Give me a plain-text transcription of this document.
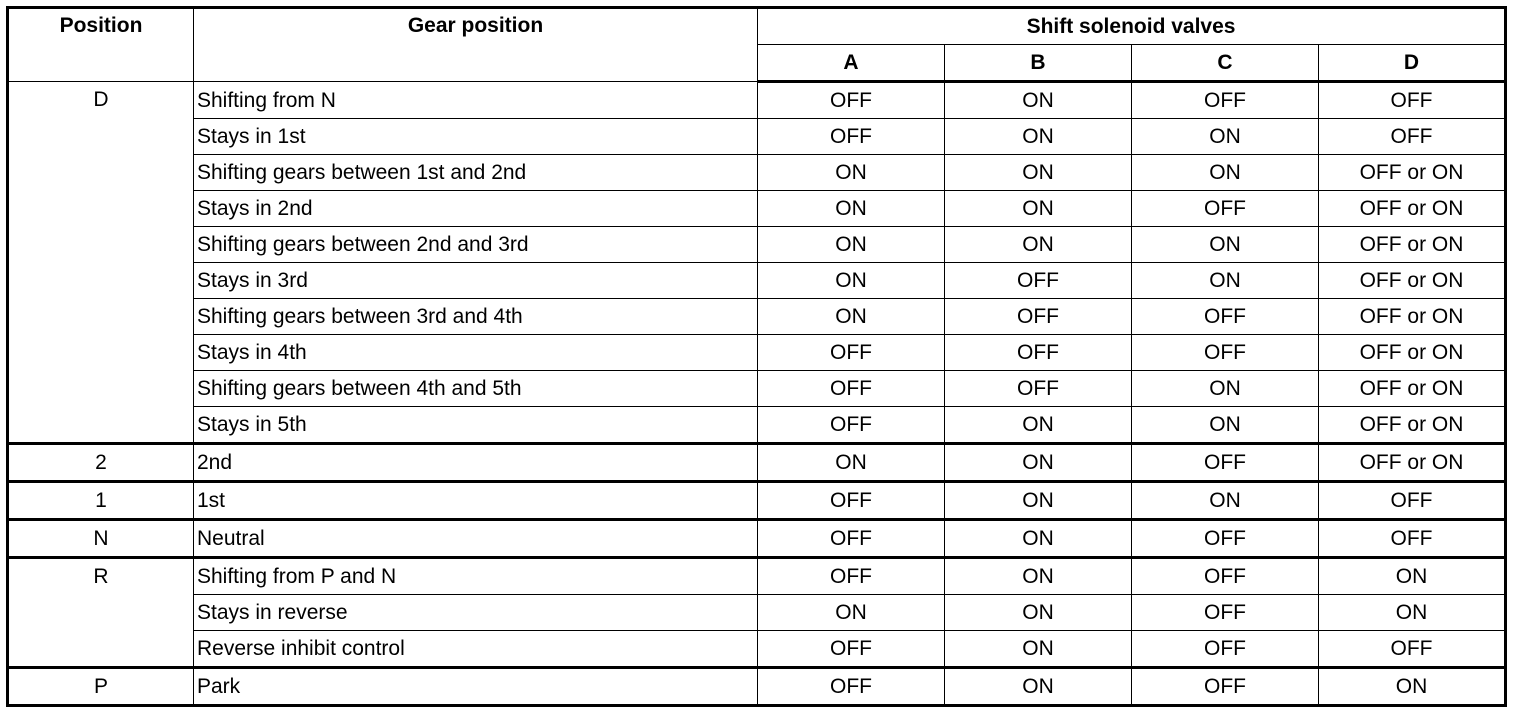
Position	Gear position	Shift solenoid valves			
		A	B	C	D
D	Shifting from N	OFF	ON	OFF	OFF
	Stays in 1st	OFF	ON	ON	OFF
	Shifting gears between 1st and 2nd	ON	ON	ON	OFF or ON
	Stays in 2nd	ON	ON	OFF	OFF or ON
	Shifting gears between 2nd and 3rd	ON	ON	ON	OFF or ON
	Stays in 3rd	ON	OFF	ON	OFF or ON
	Shifting gears between 3rd and 4th	ON	OFF	OFF	OFF or ON
	Stays in 4th	OFF	OFF	OFF	OFF or ON
	Shifting gears between 4th and 5th	OFF	OFF	ON	OFF or ON
	Stays in 5th	OFF	ON	ON	OFF or ON
2	2nd	ON	ON	OFF	OFF or ON
1	1st	OFF	ON	ON	OFF
N	Neutral	OFF	ON	OFF	OFF
R	Shifting from P and N	OFF	ON	OFF	ON
	Stays in reverse	ON	ON	OFF	ON
	Reverse inhibit control	OFF	ON	OFF	OFF
P	Park	OFF	ON	OFF	ON
